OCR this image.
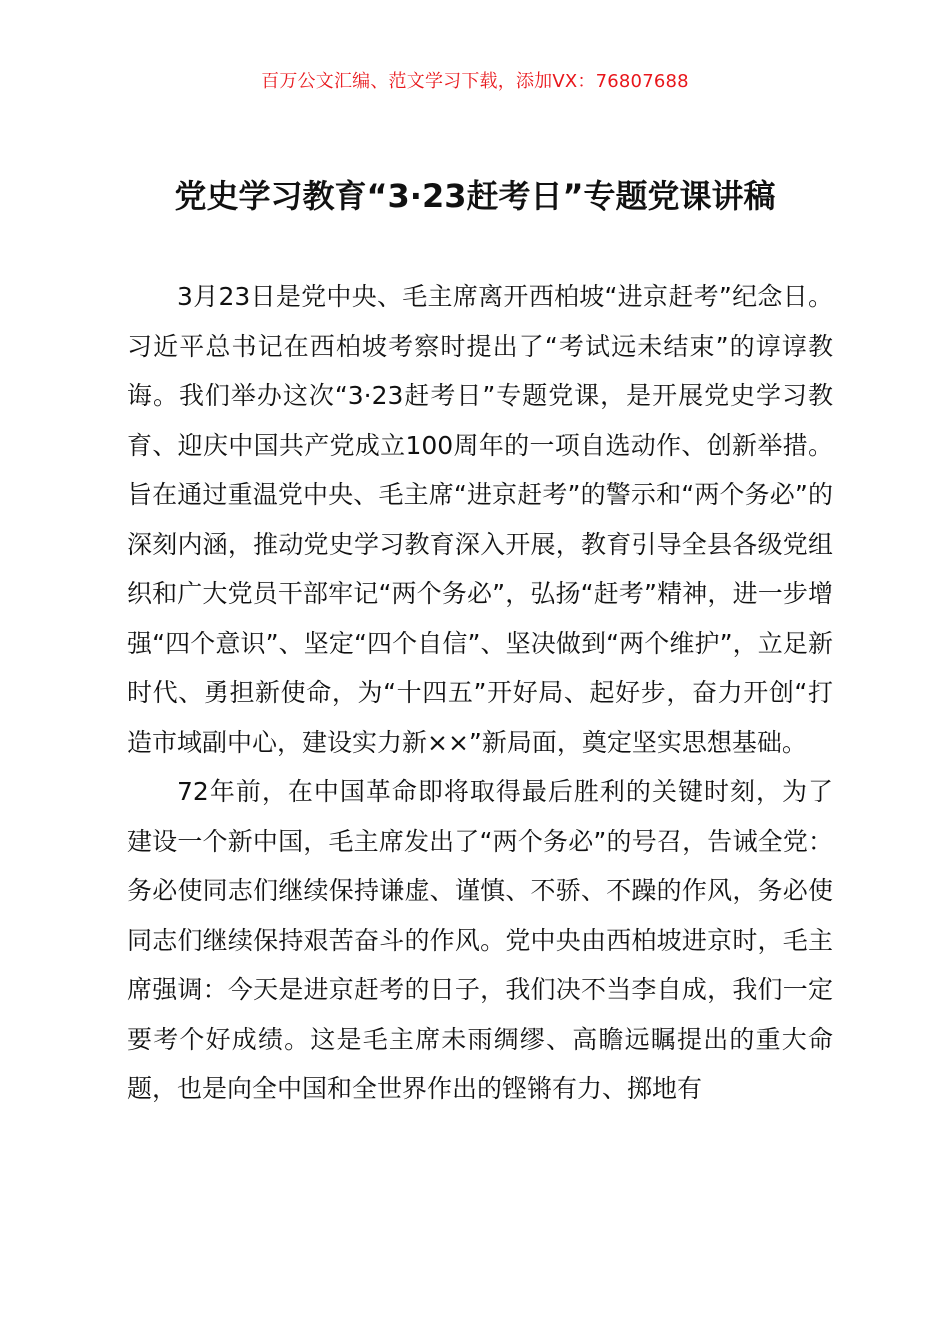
百万公文汇编、范文学习下载，添加VX：76807688
党史学习教育“3·23赶考日”专题党课讲稿

3月23日是党中央、毛主席离开西柏坡“进京赶考”纪念日。习近平总书记在西柏坡考察时提出了“考试远未结束”的谆谆教诲。我们举办这次“3·23赶考日”专题党课，是开展党史学习教育、迎庆中国共产党成立100周年的一项自选动作、创新举措。旨在通过重温党中央、毛主席“进京赶考”的警示和“两个务必”的深刻内涵，推动党史学习教育深入开展，教育引导全县各级党组织和广大党员干部牢记“两个务必”，弘扬“赶考”精神，进一步增强“四个意识”、坚定“四个自信”、坚决做到“两个维护”，立足新时代、勇担新使命，为“十四五”开好局、起好步，奋力开创“打造市域副中心，建设实力新××”新局面，奠定坚实思想基础。

72年前，在中国革命即将取得最后胜利的关键时刻，为了建设一个新中国，毛主席发出了“两个务必”的号召，告诫全党：务必使同志们继续保持谦虚、谨慎、不骄、不躁的作风，务必使同志们继续保持艰苦奋斗的作风。党中央由西柏坡进京时，毛主席强调：今天是进京赶考的日子，我们决不当李自成，我们一定要考个好成绩。这是毛主席未雨绸缪、高瞻远瞩提出的重大命题，也是向全中国和全世界作出的铿锵有力、掷地有
